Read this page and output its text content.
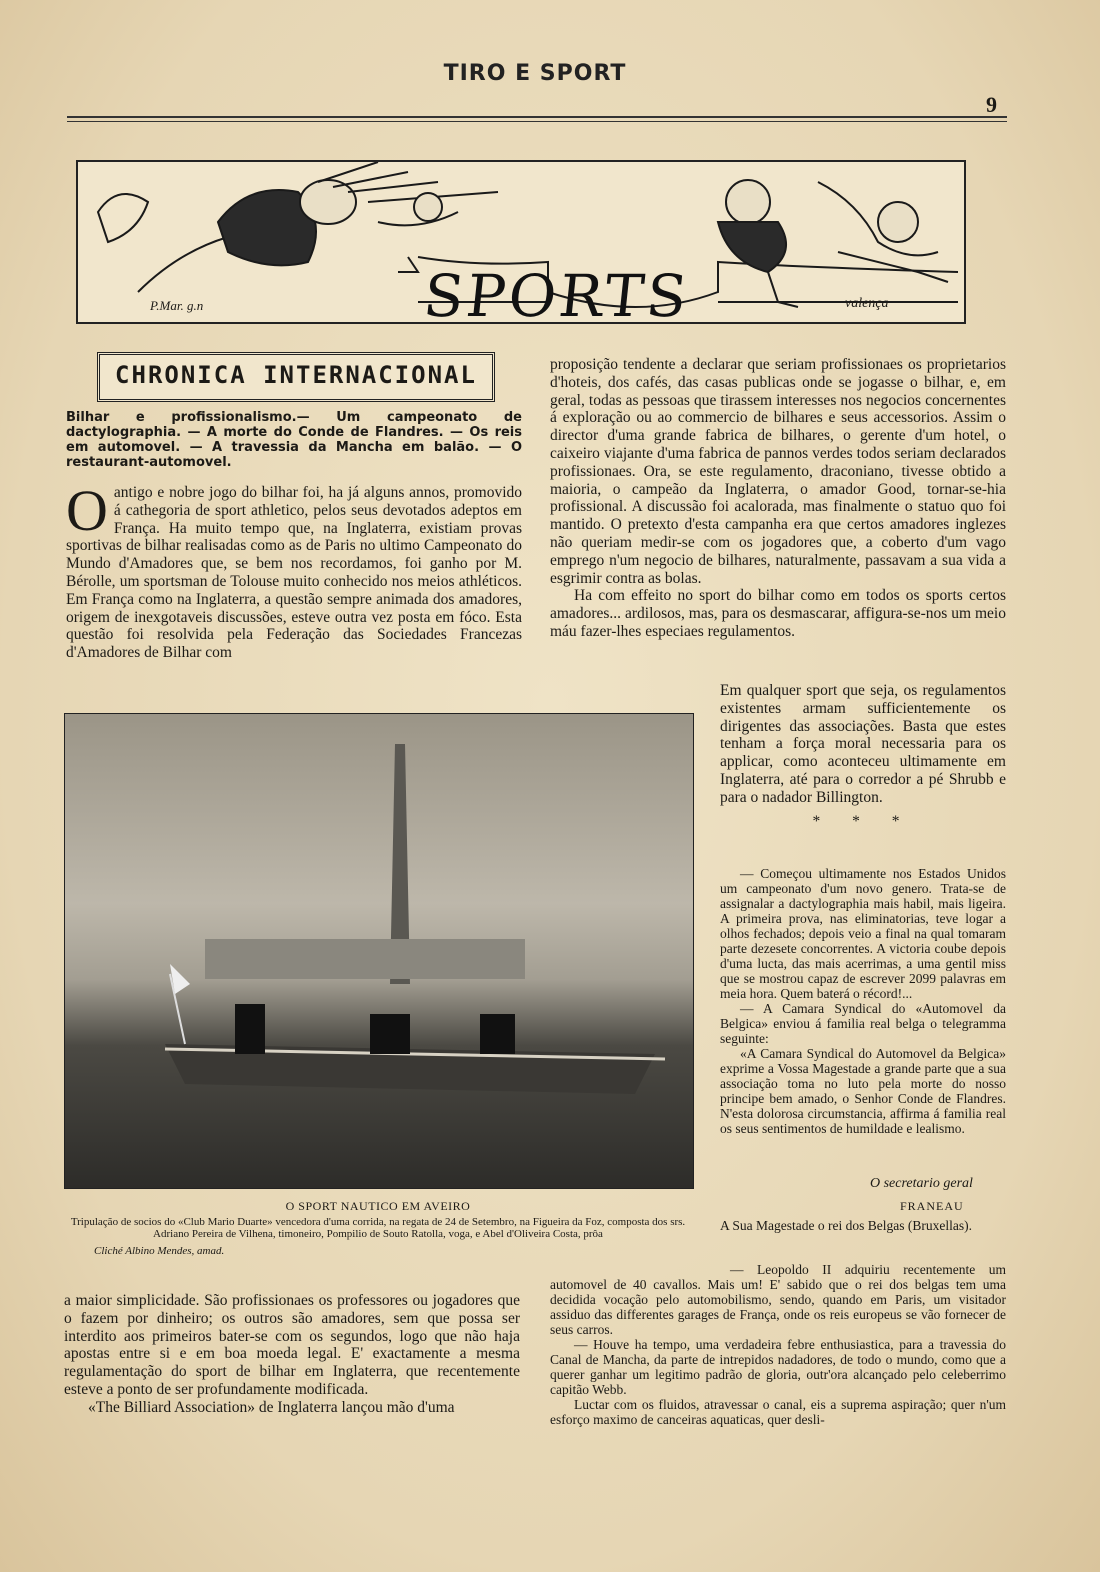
TIRO E SPORT
9
SPORTS
P.Mar. g.n	valença
CHRONICA INTERNACIONAL
Bilhar e profissionalismo.— Um campeonato de dactylographia. — A morte do Conde de Flandres. — Os reis em automovel. — A travessia da Mancha em balão. — O restaurant-automovel.
O antigo e nobre jogo do bilhar foi, ha já alguns annos, promovido á cathegoria de sport athletico, pelos seus devotados adeptos em França. Ha muito tempo que, na Inglaterra, existiam provas sportivas de bilhar realisadas como as de Paris no ultimo Campeonato do Mundo d'Amadores que, se bem nos recordamos, foi ganho por M. Bérolle, um sportsman de Tolouse muito conhecido nos meios athléticos. Em França como na Inglaterra, a questão sempre animada dos amadores, origem de inexgotaveis discussões, esteve outra vez posta em fóco. Esta questão foi resolvida pela Federação das Sociedades Francezas d'Amadores de Bilhar com
proposição tendente a declarar que seriam profissionaes os proprietarios d'hoteis, dos cafés, das casas publicas onde se jogasse o bilhar, e, em geral, todas as pessoas que tirassem interesses nos negocios concernentes á exploração ou ao commercio de bilhares e seus accessorios. Assim o director d'uma grande fabrica de bilhares, o gerente d'um hotel, o caixeiro viajante d'uma fabrica de pannos verdes todos seriam declarados profissionaes. Ora, se este regulamento, draconiano, tivesse obtido a maioria, o campeão da Inglaterra, o amador Good, tornar-se-hia profissional. A discussão foi acalorada, mas finalmente o statuo quo foi mantido. O pretexto d'esta campanha era que certos amadores inglezes não queriam medir-se com os jogadores que, a coberto d'um vago emprego n'um negocio de bilhares, naturalmente, passavam a sua vida a esgrimir contra as bolas.
Ha com effeito no sport do bilhar como em todos os sports certos amadores... ardilosos, mas, para os desmascarar, affigura-se-nos um meio máu fazer-lhes especiaes regulamentos.
Em qualquer sport que seja, os regulamentos existentes armam sufficientemente os dirigentes das associações. Basta que estes tenham a força moral necessaria para os applicar, como aconteceu ultimamente em Inglaterra, até para o corredor a pé Shrubb e para o nadador Billington.
* * *
— Começou ultimamente nos Estados Unidos um campeonato d'um novo genero. Trata-se de assignalar a dactylographia mais habil, mais ligeira. A primeira prova, nas eliminatorias, teve logar a olhos fechados; depois veio a final na qual tomaram parte dezesete concorrentes. A victoria coube depois d'uma lucta, das mais acerrimas, a uma gentil miss que se mostrou capaz de escrever 2099 palavras em meia hora. Quem baterá o récord!...
— A Camara Syndical do «Automovel da Belgica» enviou á familia real belga o telegramma seguinte:
«A Camara Syndical do Automovel da Belgica» exprime a Vossa Magestade a grande parte que a sua associação toma no luto pela morte do nosso principe bem amado, o Senhor Conde de Flandres. N'esta dolorosa circumstancia, affirma á familia real os seus sentimentos de humildade e lealismo.
O secretario geral
FRANEAU
A Sua Magestade o rei dos Belgas (Bruxellas).
— Leopoldo II adquiriu recentemente um automovel de 40 cavallos. Mais um! E' sabido que o rei dos belgas tem uma decidida vocação pelo automobilismo, sendo, quando em Paris, um visitador assiduo das differentes garages de França, onde os reis europeus se vão fornecer de seus carros.
— Houve ha tempo, uma verdadeira febre enthusiastica, para a travessia do Canal de Mancha, da parte de intrepidos nadadores, de todo o mundo, como que a querer ganhar um legitimo padrão de gloria, outr'ora alcançado pelo celeberrimo capitão Webb.
Luctar com os fluidos, atravessar o canal, eis a suprema aspiração; quer n'um esforço maximo de canceiras aquaticas, quer desli-
O SPORT NAUTICO EM AVEIRO
Tripulação de socios do «Club Mario Duarte» vencedora d'uma corrida, na regata de 24 de Setembro, na Figueira da Foz, composta dos srs. Adriano Pereira de Vilhena, timoneiro, Pompilio de Souto Ratolla, voga, e Abel d'Oliveira Costa, prôa
Cliché Albino Mendes, amad.
a maior simplicidade. São profissionaes os professores ou jogadores que o fazem por dinheiro; os outros são amadores, sem que possa ser interdito aos primeiros bater-se com os segundos, logo que não haja apostas entre si e em boa moeda legal. E' exactamente a mesma regulamentação do sport de bilhar em Inglaterra, que recentemente esteve a ponto de ser profundamente modificada.
«The Billiard Association» de Inglaterra lançou mão d'uma
